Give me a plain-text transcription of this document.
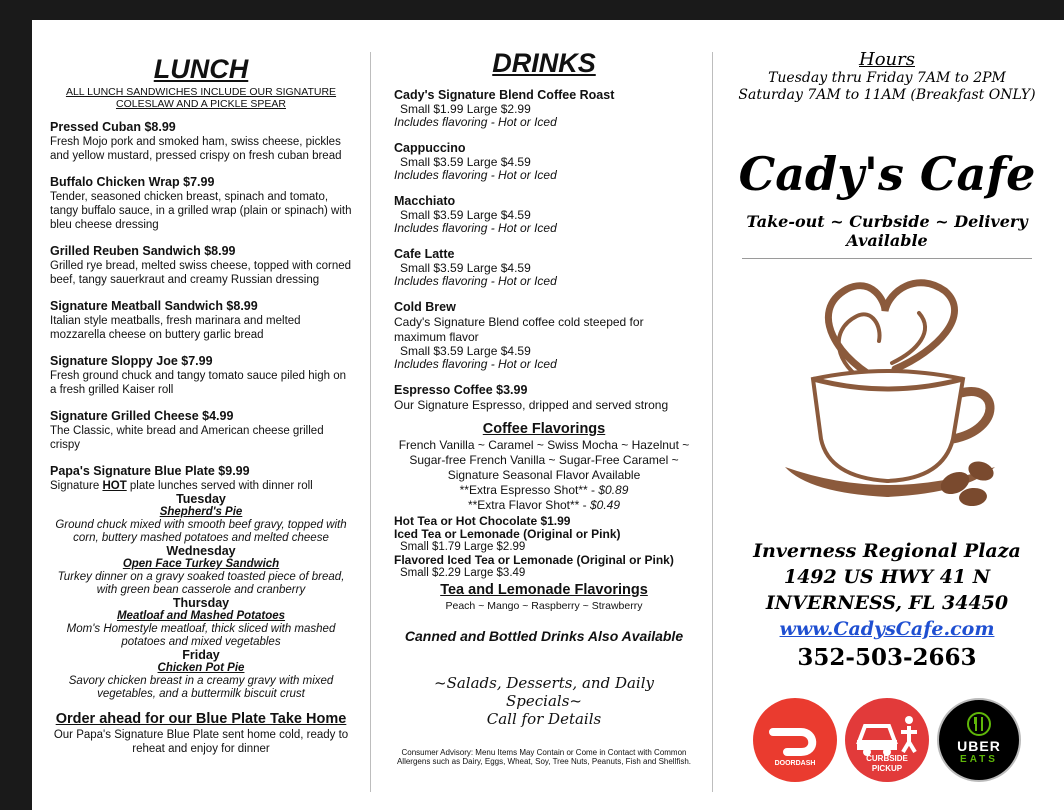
LUNCH
ALL LUNCH SANDWICHES INCLUDE OUR SIGNATURE COLESLAW AND A PICKLE SPEAR
Pressed Cuban $8.99
Fresh Mojo pork and smoked ham, swiss cheese, pickles and yellow mustard, pressed crispy on fresh cuban bread
Buffalo Chicken Wrap $7.99
Tender, seasoned chicken breast, spinach and tomato, tangy buffalo sauce, in a grilled wrap (plain or spinach) with bleu cheese dressing
Grilled Reuben Sandwich $8.99
Grilled rye bread, melted swiss cheese, topped with corned beef, tangy sauerkraut and creamy Russian dressing
Signature Meatball Sandwich $8.99
Italian style meatballs, fresh marinara and melted mozzarella cheese on buttery garlic bread
Signature Sloppy Joe $7.99
Fresh ground chuck and tangy tomato sauce piled high on a fresh grilled Kaiser roll
Signature Grilled Cheese $4.99
The Classic, white bread and American cheese grilled crispy
Papa's Signature Blue Plate $9.99
Signature HOT plate lunches served with dinner roll
Tuesday
Shepherd's Pie
Ground chuck mixed with smooth beef gravy, topped with corn, buttery mashed potatoes and melted cheese
Wednesday
Open Face Turkey Sandwich
Turkey dinner on a gravy soaked toasted piece of bread, with green bean casserole and cranberry
Thursday
Meatloaf and Mashed Potatoes
Mom's Homestyle meatloaf, thick sliced with mashed potatoes and mixed vegetables
Friday
Chicken Pot Pie
Savory chicken breast in a creamy gravy with mixed vegetables, and a buttermilk biscuit crust
Order ahead for our Blue Plate Take Home
Our Papa's Signature Blue Plate sent home cold, ready to reheat and enjoy for dinner
DRINKS
Cady's Signature Blend Coffee Roast
Small $1.99 Large $2.99
Includes flavoring - Hot or Iced
Cappuccino
Small $3.59 Large $4.59
Includes flavoring - Hot or Iced
Macchiato
Small $3.59 Large $4.59
Includes flavoring - Hot or Iced
Cafe Latte
Small $3.59 Large $4.59
Includes flavoring - Hot or Iced
Cold Brew
Cady's Signature Blend coffee cold steeped for maximum flavor
Small $3.59 Large $4.59
Includes flavoring - Hot or Iced
Espresso Coffee $3.99
Our Signature Espresso, dripped and served strong
Coffee Flavorings
French Vanilla ~ Caramel ~ Swiss Mocha ~ Hazelnut ~
Sugar-free French Vanilla ~ Sugar-Free Caramel ~
Signature Seasonal Flavor Available
**Extra Espresso Shot** - $0.89
**Extra Flavor Shot** - $0.49
Hot Tea or Hot Chocolate $1.99
Iced Tea or Lemonade (Original or Pink)
Small $1.79 Large $2.99
Flavored Iced Tea or Lemonade (Original or Pink)
Small $2.29 Large $3.49
Tea and Lemonade Flavorings
Peach ~ Mango ~ Raspberry ~ Strawberry
Canned and Bottled Drinks Also Available
~Salads, Desserts, and Daily Specials~
Call for Details
Consumer Advisory: Menu Items May Contain or Come in Contact with Common Allergens such as Dairy, Eggs, Wheat, Soy, Tree Nuts, Peanuts, Fish and Shellfish.
Hours
Tuesday thru Friday 7AM to 2PM
Saturday 7AM to 11AM (Breakfast ONLY)
Cady's Cafe
Take-out ~ Curbside ~ Delivery Available
Inverness Regional Plaza
1492 US HWY 41 N
INVERNESS, FL 34450
www.CadysCafe.com
352-503-2663
DOORDASH
CURBSIDE
PICKUP
UBER
EATS
